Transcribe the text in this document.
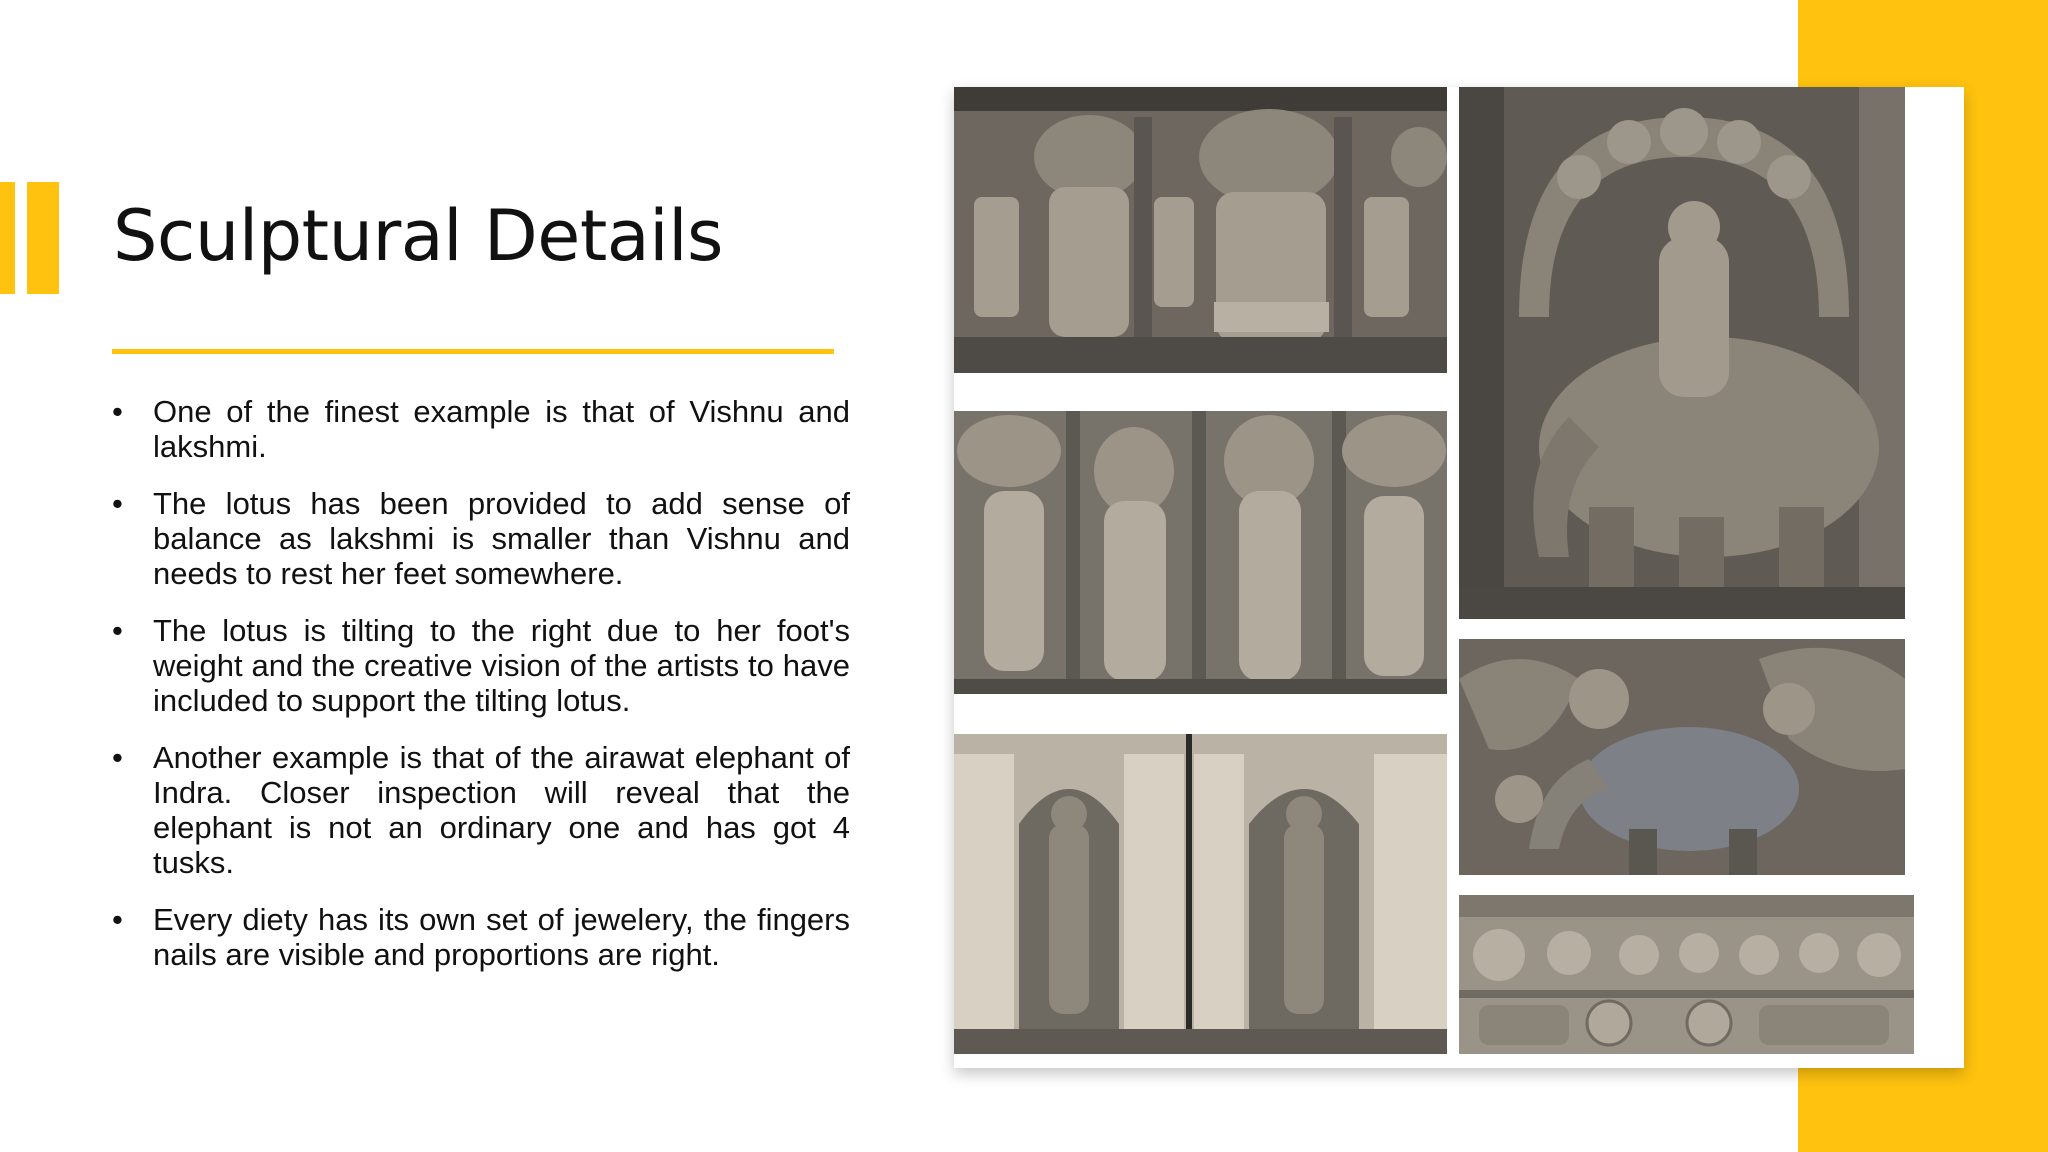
Sculptural Details
• One of the finest example is that of Vishnu and lakshmi.
• The lotus has been provided to add sense of balance as lakshmi is smaller than Vishnu and needs to rest her feet somewhere.
• The lotus is tilting to the right due to her foot's weight and the creative vision of the artists to have included to support the tilting lotus.
• Another example is that of the airawat elephant of Indra. Closer inspection will reveal that the elephant is not an ordinary one and has got 4 tusks.
• Every diety has its own set of jewelery, the fingers nails are visible and proportions are right.
